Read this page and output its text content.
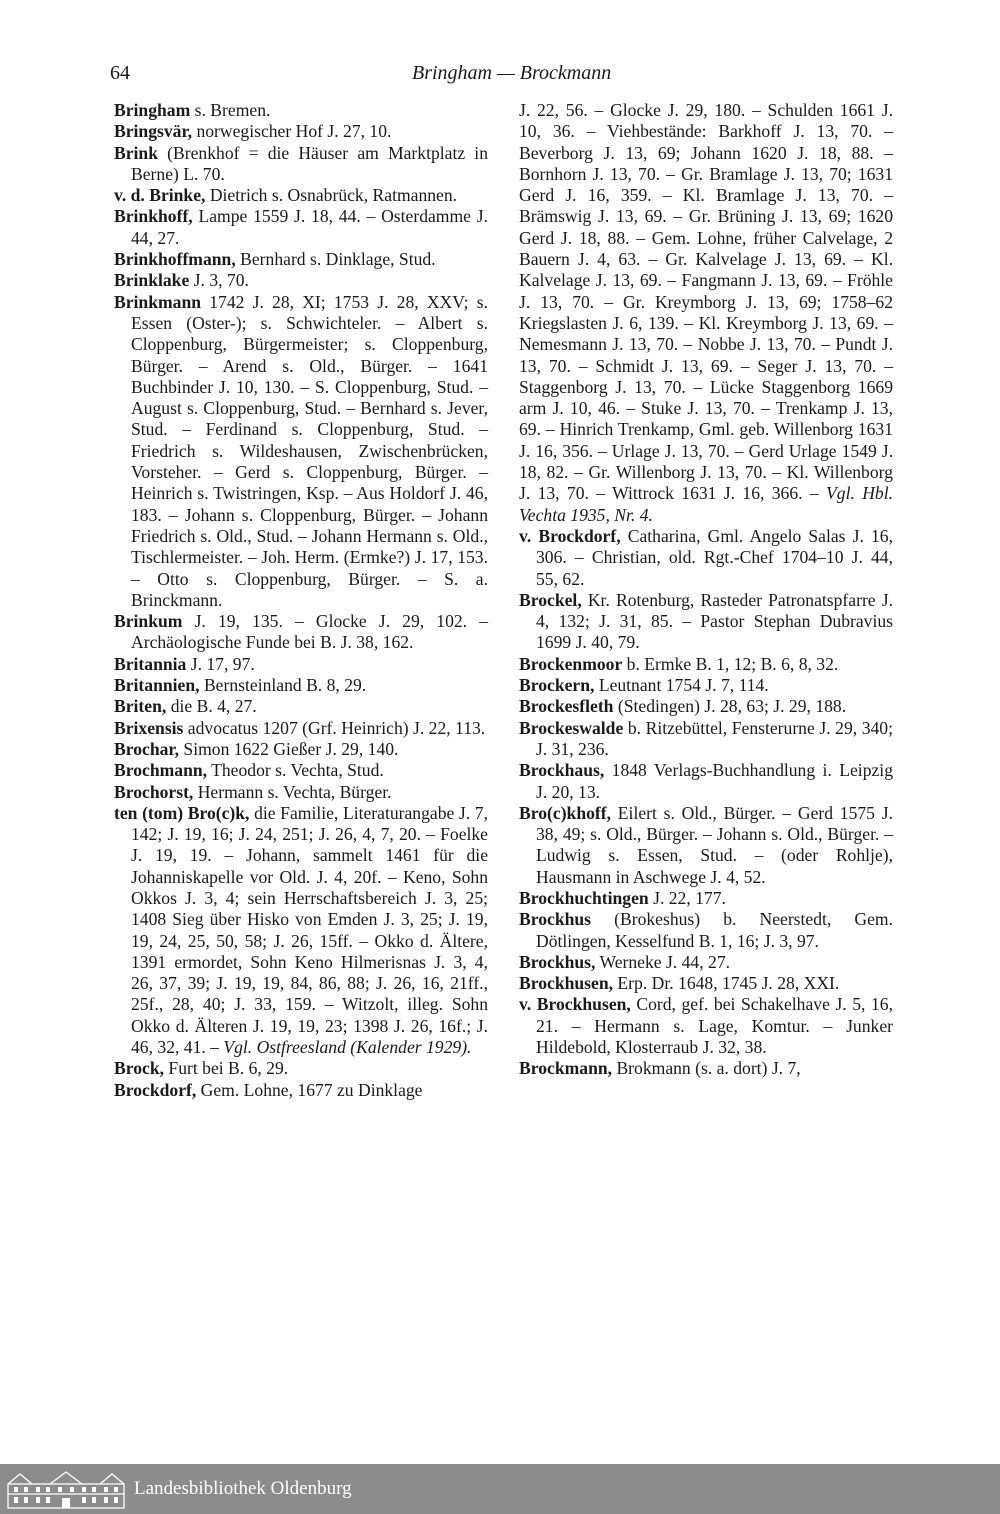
64	Bringham — Brockmann

Bringham s. Bremen.

Bringsvär, norwegischer Hof J. 27, 10.

Brink (Brenkhof = die Häuser am Marktplatz in Berne) L. 70.

v. d. Brinke, Dietrich s. Osnabrück, Ratmannen.

Brinkhoff, Lampe 1559 J. 18, 44. – Osterdamme J. 44, 27.

Brinkhoffmann, Bernhard s. Dinklage, Stud.

Brinklake J. 3, 70.

Brinkmann 1742 J. 28, XI; 1753 J. 28, XXV; s. Essen (Oster-); s. Schwichteler. – Albert s. Cloppenburg, Bürgermeister; s. Cloppenburg, Bürger. – Arend s. Old., Bürger. – 1641 Buchbinder J. 10, 130. – S. Cloppenburg, Stud. – August s. Cloppenburg, Stud. – Bernhard s. Jever, Stud. – Ferdinand s. Cloppenburg, Stud. – Friedrich s. Wildeshausen, Zwischenbrücken, Vorsteher. – Gerd s. Cloppenburg, Bürger. – Heinrich s. Twistringen, Ksp. – Aus Holdorf J. 46, 183. – Johann s. Cloppenburg, Bürger. – Johann Friedrich s. Old., Stud. – Johann Hermann s. Old., Tischlermeister. – Joh. Herm. (Ermke?) J. 17, 153. – Otto s. Cloppenburg, Bürger. – S. a. Brinckmann.

Brinkum J. 19, 135. – Glocke J. 29, 102. – Archäologische Funde bei B. J. 38, 162.

Britannia J. 17, 97.

Britannien, Bernsteinland B. 8, 29.

Briten, die B. 4, 27.

Brixensis advocatus 1207 (Grf. Heinrich) J. 22, 113.

Brochar, Simon 1622 Gießer J. 29, 140.

Brochmann, Theodor s. Vechta, Stud.

Brochorst, Hermann s. Vechta, Bürger.

ten (tom) Bro(c)k, die Familie, Literaturangabe J. 7, 142; J. 19, 16; J. 24, 251; J. 26, 4, 7, 20. – Foelke J. 19, 19. – Johann, sammelt 1461 für die Johanniskapelle vor Old. J. 4, 20f. – Keno, Sohn Okkos J. 3, 4; sein Herrschaftsbereich J. 3, 25; 1408 Sieg über Hisko von Emden J. 3, 25; J. 19, 19, 24, 25, 50, 58; J. 26, 15ff. – Okko d. Ältere, 1391 ermordet, Sohn Keno Hilmerisnas J. 3, 4, 26, 37, 39; J. 19, 19, 84, 86, 88; J. 26, 16, 21ff., 25f., 28, 40; J. 33, 159. – Witzolt, illeg. Sohn Okko d. Älteren J. 19, 19, 23; 1398 J. 26, 16f.; J. 46, 32, 41. – Vgl. Ostfreesland (Kalender 1929).

Brock, Furt bei B. 6, 29.

Brockdorf, Gem. Lohne, 1677 zu Dinklage

J. 22, 56. – Glocke J. 29, 180. – Schulden 1661 J. 10, 36. – Viehbestände: Barkhoff J. 13, 70. – Beverborg J. 13, 69; Johann 1620 J. 18, 88. – Bornhorn J. 13, 70. – Gr. Bramlage J. 13, 70; 1631 Gerd J. 16, 359. – Kl. Bramlage J. 13, 70. – Brämswig J. 13, 69. – Gr. Brüning J. 13, 69; 1620 Gerd J. 18, 88. – Gem. Lohne, früher Calvelage, 2 Bauern J. 4, 63. – Gr. Kalvelage J. 13, 69. – Kl. Kalvelage J. 13, 69. – Fangmann J. 13, 69. – Fröhle J. 13, 70. – Gr. Kreymborg J. 13, 69; 1758–62 Kriegslasten J. 6, 139. – Kl. Kreymborg J. 13, 69. – Nemesmann J. 13, 70. – Nobbe J. 13, 70. – Pundt J. 13, 70. – Schmidt J. 13, 69. – Seger J. 13, 70. – Staggenborg J. 13, 70. – Lücke Staggenborg 1669 arm J. 10, 46. – Stuke J. 13, 70. – Trenkamp J. 13, 69. – Hinrich Trenkamp, Gml. geb. Willenborg 1631 J. 16, 356. – Urlage J. 13, 70. – Gerd Urlage 1549 J. 18, 82. – Gr. Willenborg J. 13, 70. – Kl. Willenborg J. 13, 70. – Wittrock 1631 J. 16, 366. – Vgl. Hbl. Vechta 1935, Nr. 4.

v. Brockdorf, Catharina, Gml. Angelo Salas J. 16, 306. – Christian, old. Rgt.-Chef 1704–10 J. 44, 55, 62.

Brockel, Kr. Rotenburg, Rasteder Patronatspfarre J. 4, 132; J. 31, 85. – Pastor Stephan Dubravius 1699 J. 40, 79.

Brockenmoor b. Ermke B. 1, 12; B. 6, 8, 32.

Brockern, Leutnant 1754 J. 7, 114.

Brockesfleth (Stedingen) J. 28, 63; J. 29, 188.

Brockeswalde b. Ritzebüttel, Fensterurne J. 29, 340; J. 31, 236.

Brockhaus, 1848 Verlags-Buchhandlung i. Leipzig J. 20, 13.

Bro(c)khoff, Eilert s. Old., Bürger. – Gerd 1575 J. 38, 49; s. Old., Bürger. – Johann s. Old., Bürger. – Ludwig s. Essen, Stud. – (oder Rohlje), Hausmann in Aschwege J. 4, 52.

Brockhuchtingen J. 22, 177.

Brockhus (Brokeshus) b. Neerstedt, Gem. Dötlingen, Kesselfund B. 1, 16; J. 3, 97.

Brockhus, Werneke J. 44, 27.

Brockhusen, Erp. Dr. 1648, 1745 J. 28, XXI.

v. Brockhusen, Cord, gef. bei Schakelhave J. 5, 16, 21. – Hermann s. Lage, Komtur. – Junker Hildebold, Klosterraub J. 32, 38.

Brockmann, Brokmann (s. a. dort) J. 7,

Landesbibliothek Oldenburg
